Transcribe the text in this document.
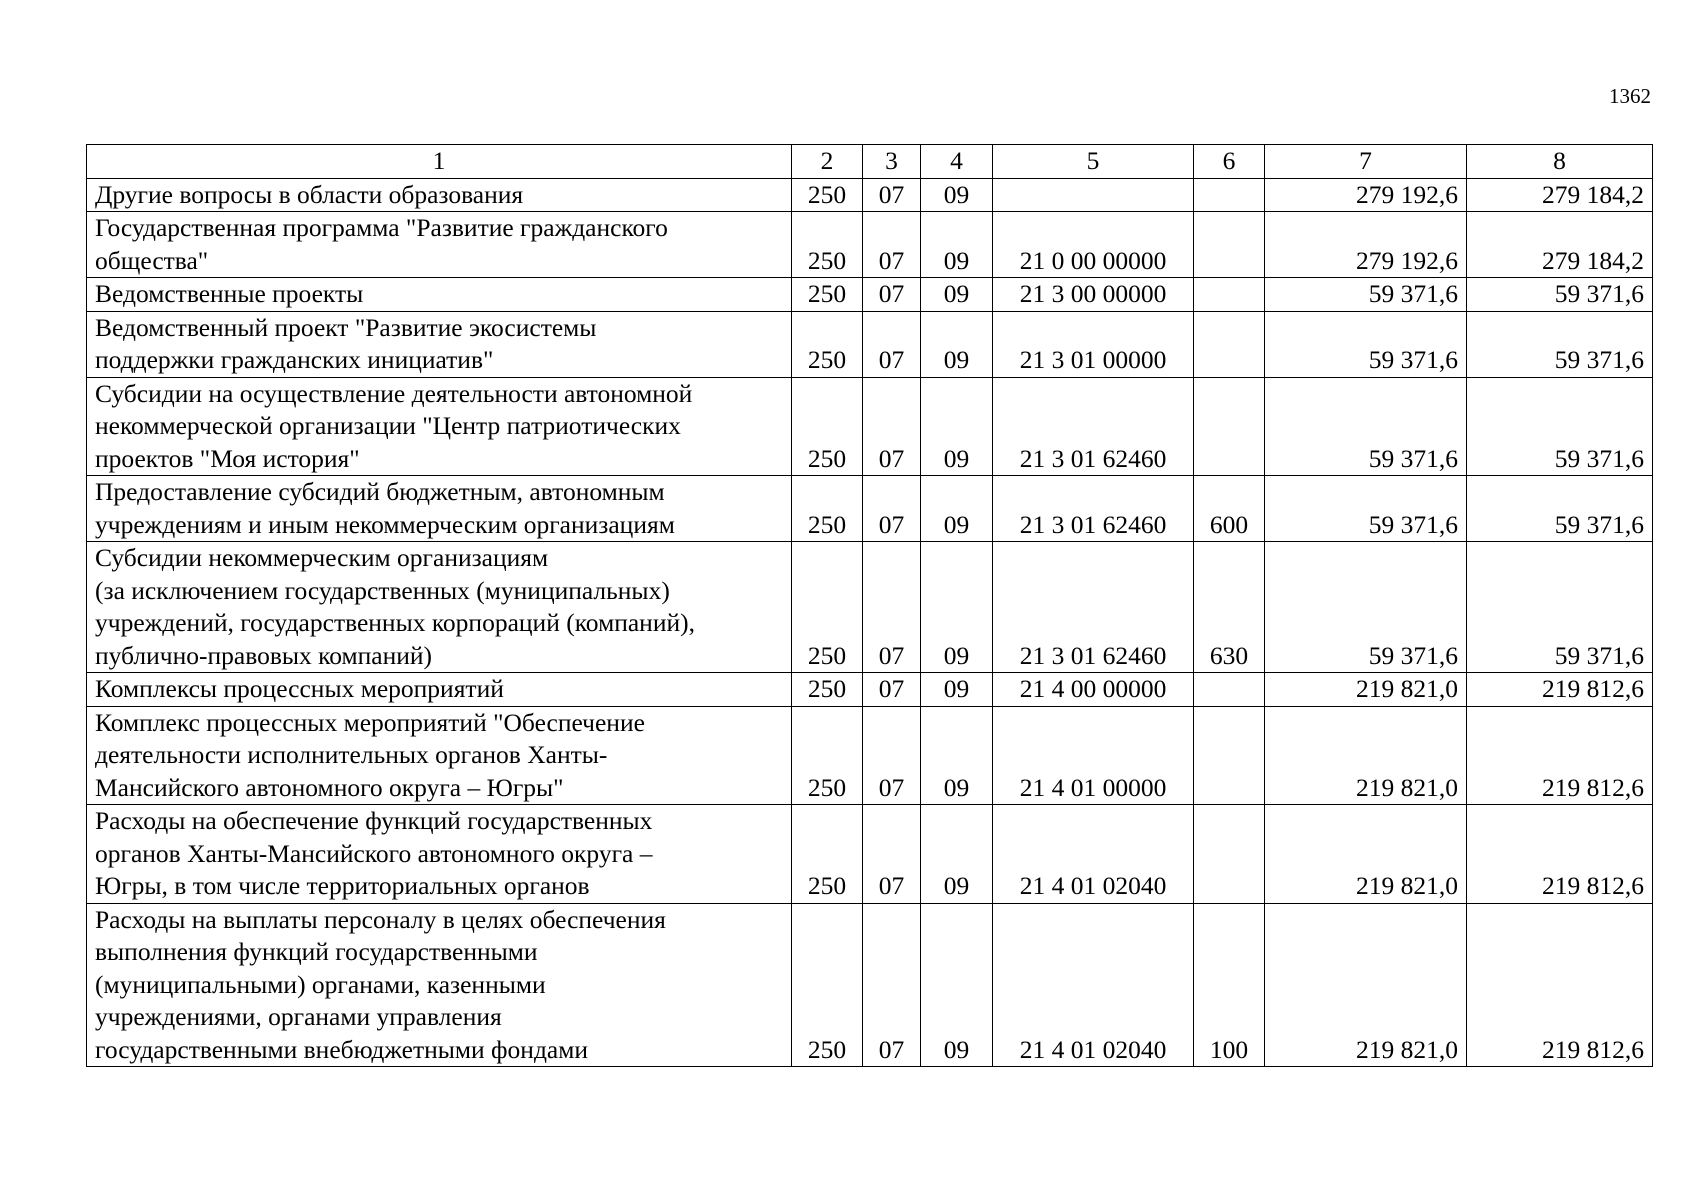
1362
1	2	3	4	5	6	7	8

Другие вопросы в области образования	250	07	09			279 192,6	279 184,2

Государственная программа "Развитие гражданского
общества"	250	07	09	21 0 00 00000		279 192,6	279 184,2

Ведомственные проекты	250	07	09	21 3 00 00000		59 371,6	59 371,6

Ведомственный проект "Развитие экосистемы
поддержки гражданских инициатив"	250	07	09	21 3 01 00000		59 371,6	59 371,6

Субсидии на осуществление деятельности автономной
некоммерческой организации "Центр патриотических
проектов "Моя история"	250	07	09	21 3 01 62460		59 371,6	59 371,6

Предоставление субсидий бюджетным, автономным
учреждениям и иным некоммерческим организациям	250	07	09	21 3 01 62460	600	59 371,6	59 371,6

Субсидии некоммерческим организациям
(за исключением государственных (муниципальных)
учреждений, государственных корпораций (компаний),
публично-правовых компаний)	250	07	09	21 3 01 62460	630	59 371,6	59 371,6

Комплексы процессных мероприятий	250	07	09	21 4 00 00000		219 821,0	219 812,6

Комплекс процессных мероприятий "Обеспечение
деятельности исполнительных органов Ханты-
Мансийского автономного округа – Югры"	250	07	09	21 4 01 00000		219 821,0	219 812,6

Расходы на обеспечение функций государственных
органов Ханты-Мансийского автономного округа –
Югры, в том числе территориальных органов	250	07	09	21 4 01 02040		219 821,0	219 812,6

Расходы на выплаты персоналу в целях обеспечения
выполнения функций государственными
(муниципальными) органами, казенными
учреждениями, органами управления
государственными внебюджетными фондами	250	07	09	21 4 01 02040	100	219 821,0	219 812,6
